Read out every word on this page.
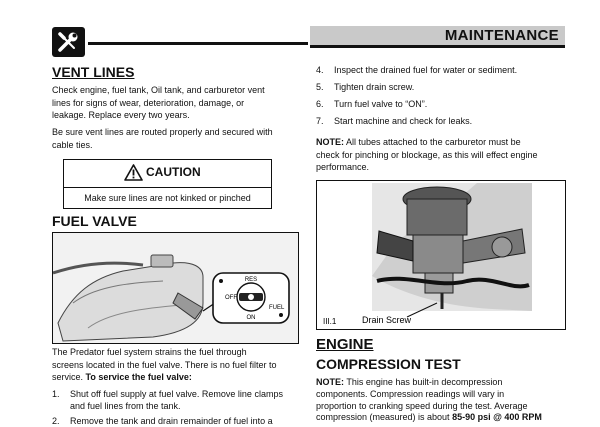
MAINTENANCE
VENT LINES
Check engine, fuel tank, Oil tank, and carburetor vent
lines for signs of wear, deterioration, damage, or
leakage. Replace every two years.
Be sure vent lines are routed properly and secured with
cable ties.
CAUTION
Make sure lines are not kinked or pinched
FUEL VALVE
RES
OFF
FUEL
ON
The Predator fuel system strains the fuel through
screens located in the fuel valve. There is no fuel filter to
service. To service the fuel valve:
1. Shut off fuel supply at fuel valve. Remove line clamps
and fuel lines from the tank.
2. Remove the tank and drain remainder of fuel into a
4. Inspect the drained fuel for water or sediment.
5. Tighten drain screw.
6. Turn fuel valve to “ON”.
7. Start machine and check for leaks.
NOTE: All tubes attached to the carburetor must be
check for pinching or blockage, as this will effect engine
performance.
III.1	Drain Screw
ENGINE
COMPRESSION TEST
NOTE: This engine has built-in decompression
components. Compression readings will vary in
proportion to cranking speed during the test. Average
compression (measured) is about 85-90 psi @ 400 RPM
